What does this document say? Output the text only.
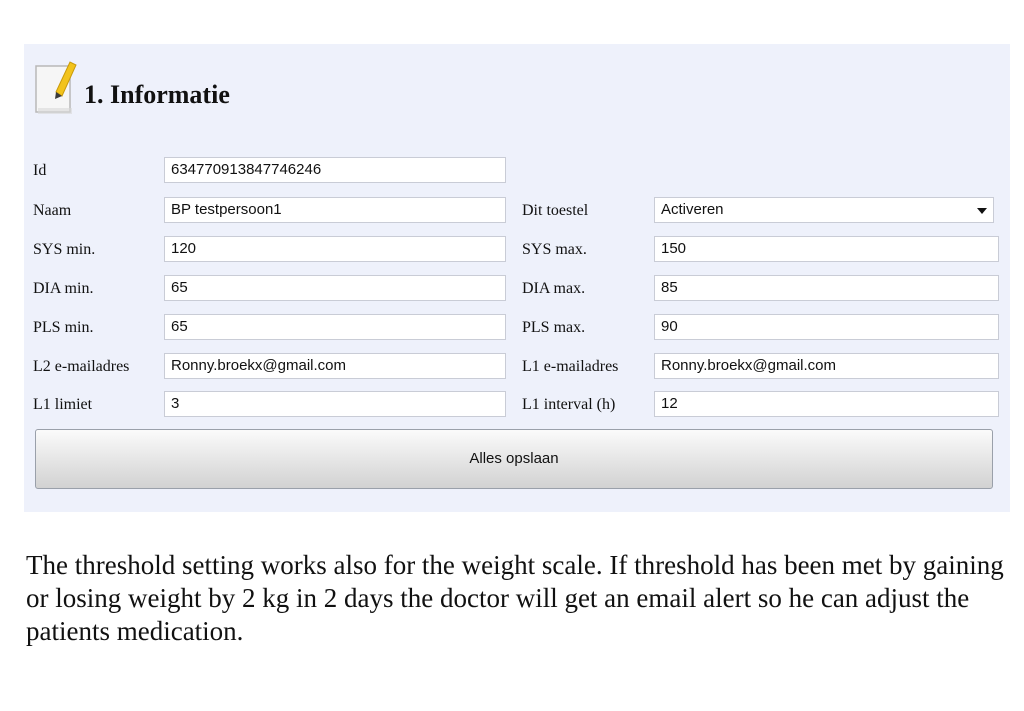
1. Informatie
Id	634770913847746246
Naam	BP testpersoon1	Dit toestel	Activeren
SYS min.	120	SYS max.	150
DIA min.	65	DIA max.	85
PLS min.	65	PLS max.	90
L2 e-mailadres	Ronny.broekx@gmail.com	L1 e-mailadres	Ronny.broekx@gmail.com
L1 limiet	3	L1 interval (h)	12
Alles opslaan

The threshold setting works also for the weight scale. If threshold has been met by gaining or losing weight by 2 kg in 2 days the doctor will get an email alert so he can adjust the patients medication.
